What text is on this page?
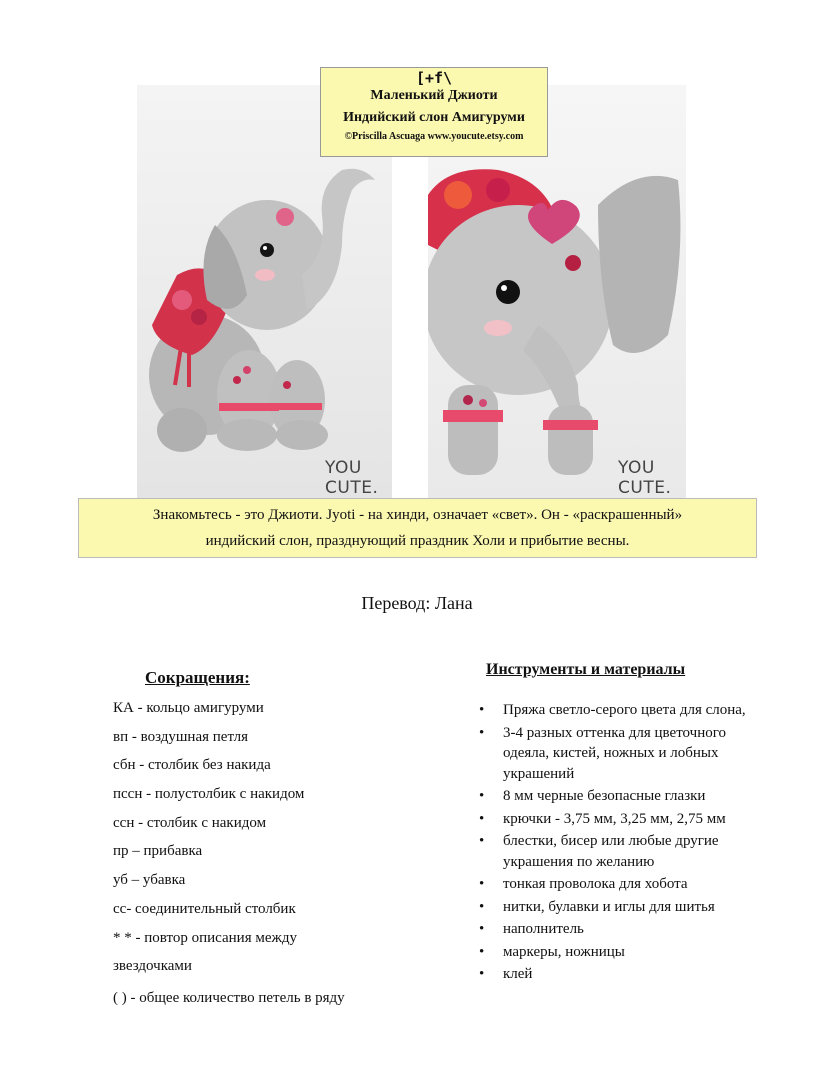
YOU CUTE.
YOU CUTE.
[+f\
Маленький Джиоти
Индийский слон Амигуруми
©Priscilla Ascuaga www.youcute.etsy.com
Знакомьтесь - это Джиоти. Jyoti - на хинди, означает «свет». Он - «раскрашенный»
индийский слон, празднующий праздник Холи и прибытие весны.
Перевод: Лана
Сокращения:
КА - кольцо амигуруми
вп - воздушная петля
сбн - столбик без накида
пссн - полустолбик с накидом
ссн - столбик с накидом
пр – прибавка
уб – убавка
сс- соединительный столбик
* * - повтор описания между
звездочками
( ) - общее количество петель в ряду
Инструменты и материалы
• Пряжа светло-серого цвета для слона,
• 3-4 разных оттенка для цветочного одеяла, кистей, ножных и лобных украшений
• 8 мм черные безопасные глазки
• крючки - 3,75 мм, 3,25 мм, 2,75 мм
• блестки, бисер или любые другие украшения по желанию
• тонкая проволока для хобота
• нитки, булавки и иглы для шитья
• наполнитель
• маркеры, ножницы
• клей
